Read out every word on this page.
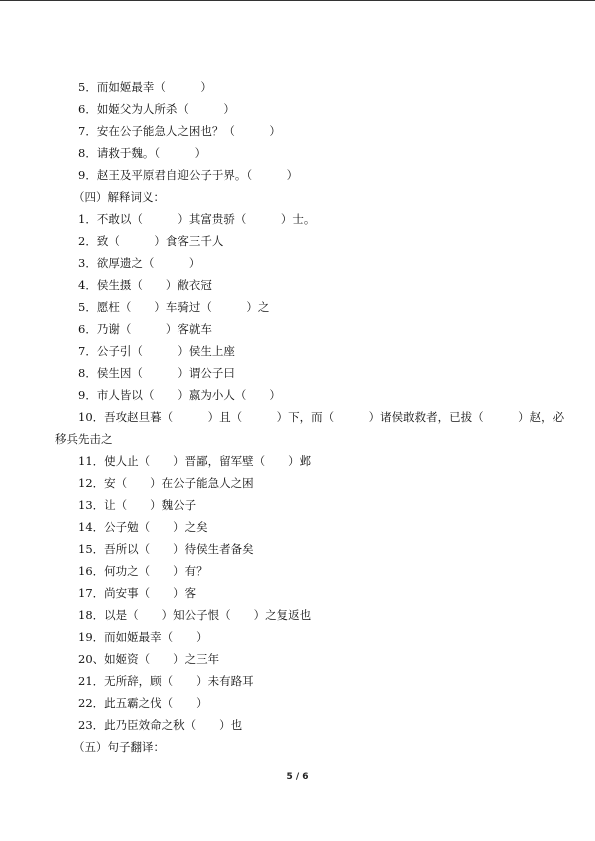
5．而如姬最幸（　　　）
6．如姬父为人所杀（　　　）
7．安在公子能急人之困也？（　　　）
8．请救于魏。（　　　）
9．赵王及平原君自迎公子于界。（　　　）
（四）解释词义：
1．不敢以（　　　）其富贵骄（　　　）士。
2．致（　　　）食客三千人
3．欲厚遗之（　　　）
4．侯生摄（　　）敝衣冠
5．愿枉（　　）车骑过（　　　）之
6．乃谢（　　　）客就车
7．公子引（　　　）侯生上座
8．侯生因（　　　）谓公子曰
9．市人皆以（　　）嬴为小人（　　）
10．吾攻赵旦暮（　　　）且（　　　）下，而（　　　）诸侯敢救者，已拔（　　　）赵，必
移兵先击之
11．使人止（　　）晋鄙，留军壁（　　）邺
12．安（　　）在公子能急人之困
13．让（　　）魏公子
14．公子勉（　　）之矣
15．吾所以（　　）待侯生者备矣
16．何功之（　　）有？
17．尚安事（　　）客
18．以是（　　）知公子恨（　　）之复返也
19．而如姬最幸（　　）
20、如姬资（　　）之三年
21．无所辞，顾（　　）未有路耳
22．此五霸之伐（　　）
23．此乃臣效命之秋（　　）也
（五）句子翻译：
5 / 6
